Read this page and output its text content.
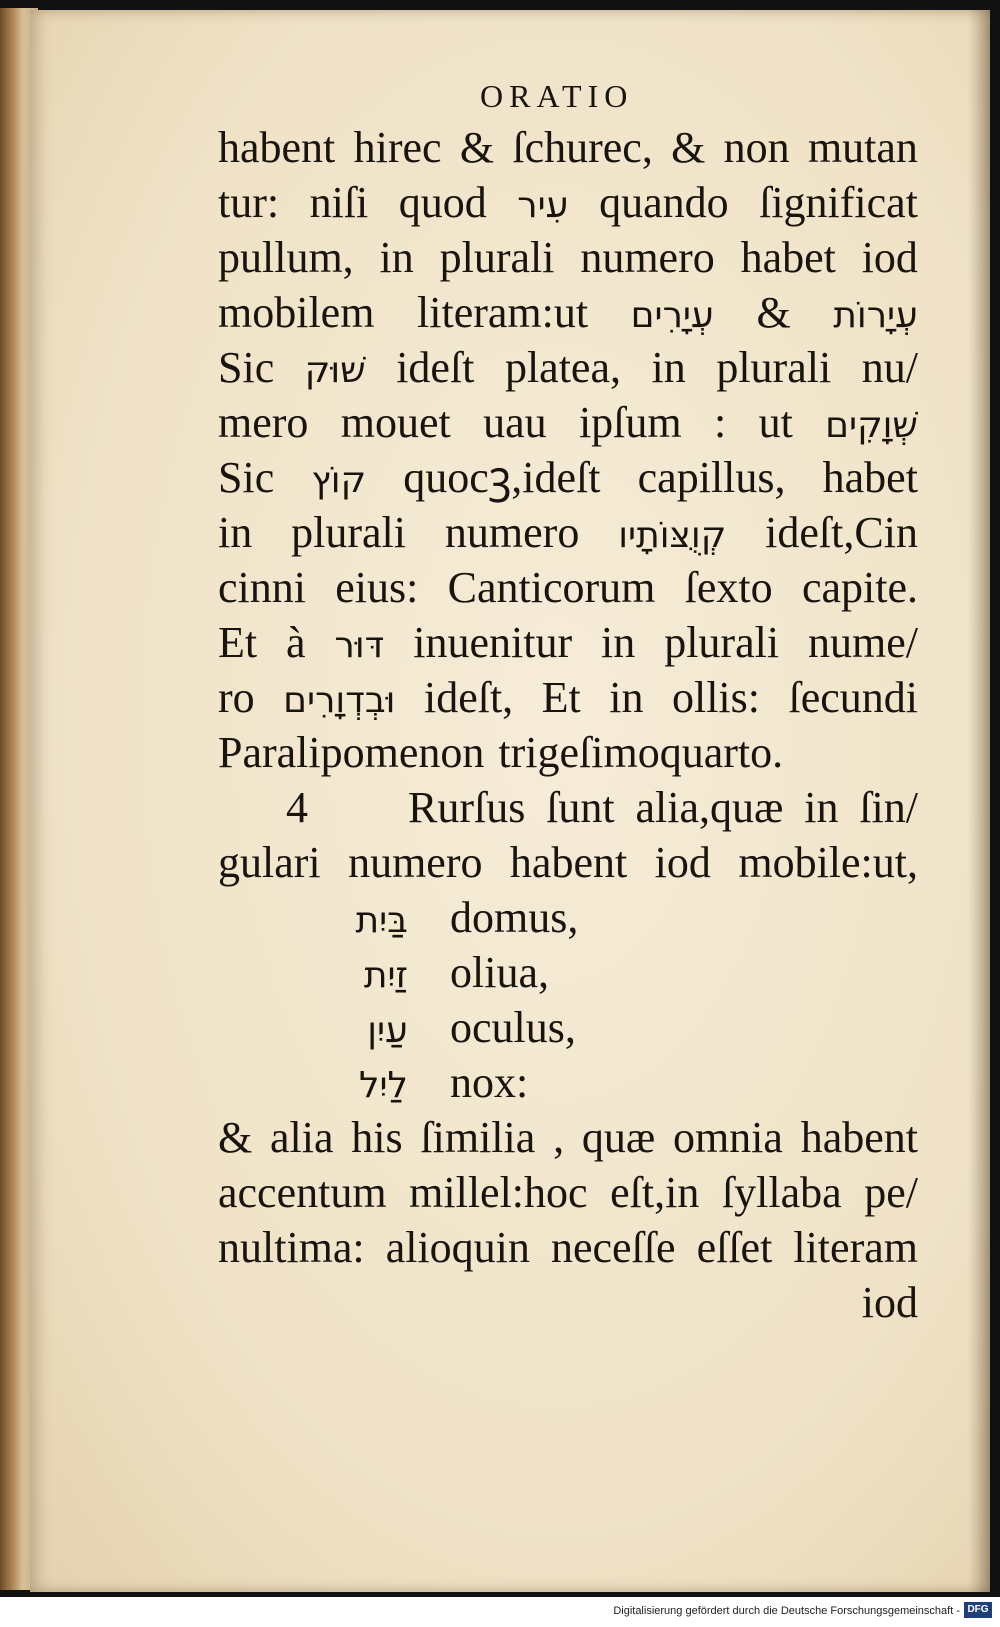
ORATIO
habent hirec & ſchurec, & non mutan
tur: niſi quod עִיר quando ſignificat
pullum, in plurali numero habet iod
mobilem literam:ut עְיָרִים & עְיָרוֹת
Sic שׁוּק ideſt platea, in plurali nu/
mero mouet uau ipſum : ut שְׁוָקִים
Sic קוֹץ quocꝫ,ideſt capillus, habet
in plurali numero קְוֻצּוֹתָיו ideſt,Cin
cinni eius: Canticorum ſexto capite.
Et à דּוּר inuenitur in plurali nume/
ro וּבְדְוָרִים ideſt, Et in ollis: ſecundi
Paralipomenon trigeſimoquarto.
4	Rurſus ſunt alia,quæ in ſin/
gulari numero habent iod mobile:ut,
בַּיִת domus,
זַיִת oliua,
עַיִן oculus,
לַיִל nox:
& alia his ſimilia , quæ omnia habent
accentum millel:hoc eſt,in ſyllaba pe/
nultima: alioquin neceſſe eſſet literam
iod
Digitalisierung gefördert durch die Deutsche Forschungsgemeinschaft - DFG
